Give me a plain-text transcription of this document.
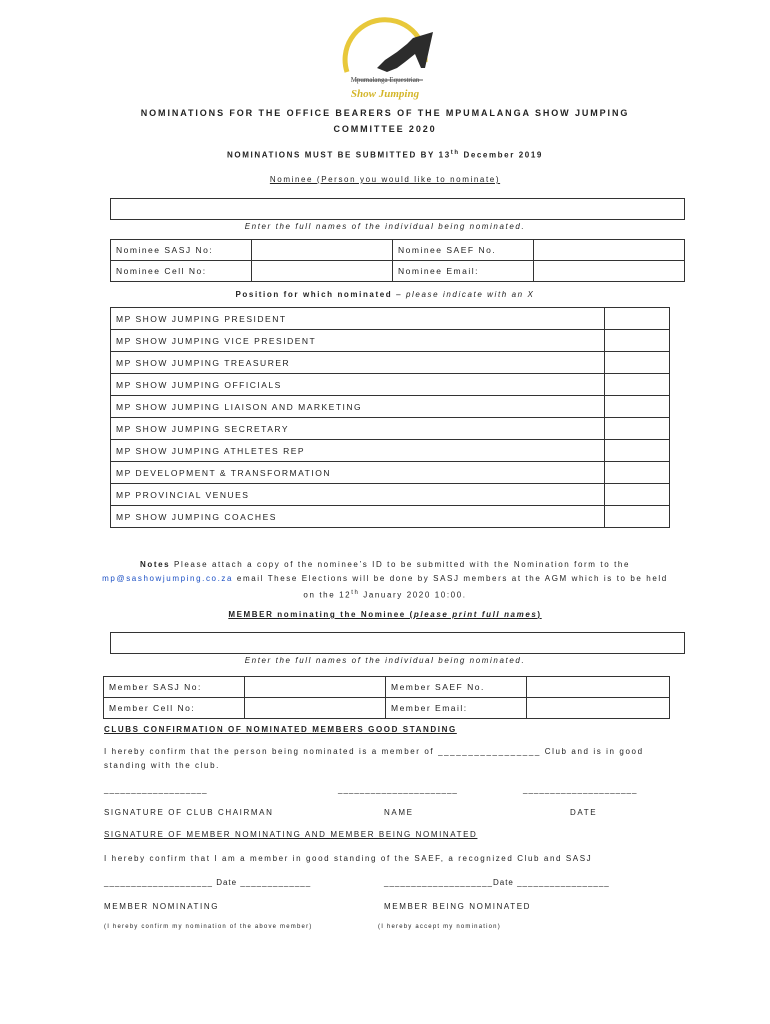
Mpumalanga Equestrian
Show Jumping
NOMINATIONS FOR THE OFFICE BEARERS OF THE MPUMALANGA SHOW JUMPING
COMMITTEE 2020
NOMINATIONS MUST BE SUBMITTED BY 13th December 2019
Nominee (Person you would like to nominate)
Enter the full names of the individual being nominated.
Nominee SASJ No:		Nominee SAEF No.	
Nominee Cell No:		Nominee Email:	
Position for which nominated – please indicate with an X
MP SHOW JUMPING PRESIDENT	
MP SHOW JUMPING VICE PRESIDENT	
MP SHOW JUMPING TREASURER	
MP SHOW JUMPING OFFICIALS	
MP SHOW JUMPING LIAISON AND MARKETING	
MP SHOW JUMPING SECRETARY	
MP SHOW JUMPING ATHLETES REP	
MP DEVELOPMENT & TRANSFORMATION	
MP PROVINCIAL VENUES	
MP SHOW JUMPING COACHES	
Notes Please attach a copy of the nominee’s ID to be submitted with the Nomination form to the
mp@sashowjumping.co.za email These Elections will be done by SASJ members at the AGM which is to be held
on the 12th January 2020 10:00.
MEMBER nominating the Nominee (please print full names)
Enter the full names of the individual being nominated.
Member SASJ No:		Member SAEF No.	
Member Cell No:		Member Email:	
CLUBS CONFIRMATION OF NOMINATED MEMBERS GOOD STANDING
I hereby confirm that the person being nominated is a member of _________________ Club and is in good
standing with the club.
___________________	______________________	_____________________
SIGNATURE OF CLUB CHAIRMAN	NAME	DATE
SIGNATURE OF MEMBER NOMINATING AND MEMBER BEING NOMINATED
I hereby confirm that I am a member in good standing of the SAEF, a recognized Club and SASJ
____________________ Date _____________	____________________Date _________________
MEMBER NOMINATING	MEMBER BEING NOMINATED
(I hereby confirm my nomination of the above member)	(I hereby accept my nomination)
